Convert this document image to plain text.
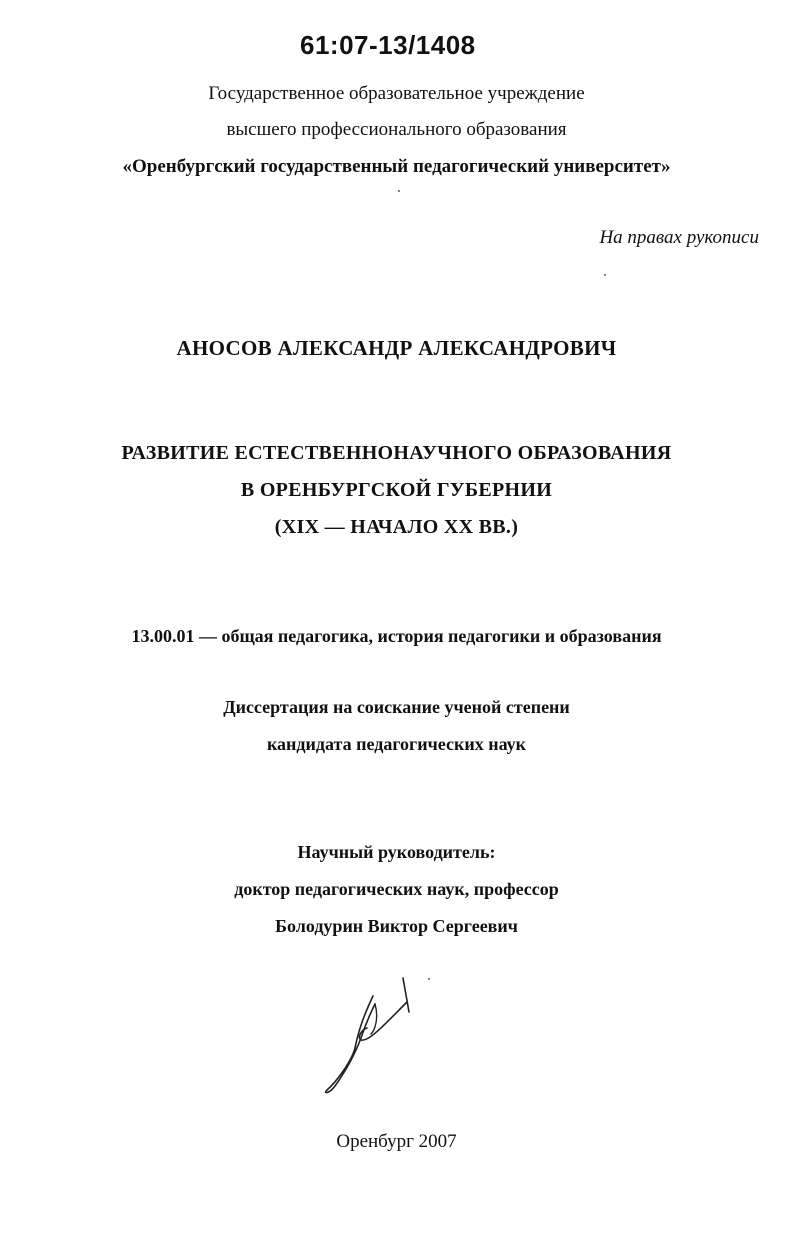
61:07-13/1408
Государственное образовательное учреждение
высшего профессионального образования
«Оренбургский государственный педагогический университет»
На правах рукописи
АНОСОВ АЛЕКСАНДР АЛЕКСАНДРОВИЧ
РАЗВИТИЕ ЕСТЕСТВЕННОНАУЧНОГО ОБРАЗОВАНИЯ
В ОРЕНБУРГСКОЙ ГУБЕРНИИ
(XIX — НАЧАЛО XX ВВ.)
13.00.01 — общая педагогика, история педагогики и образования
Диссертация на соискание ученой степени
кандидата педагогических наук
Научный руководитель:
доктор педагогических наук, профессор
Болодурин Виктор Сергеевич
Оренбург 2007
